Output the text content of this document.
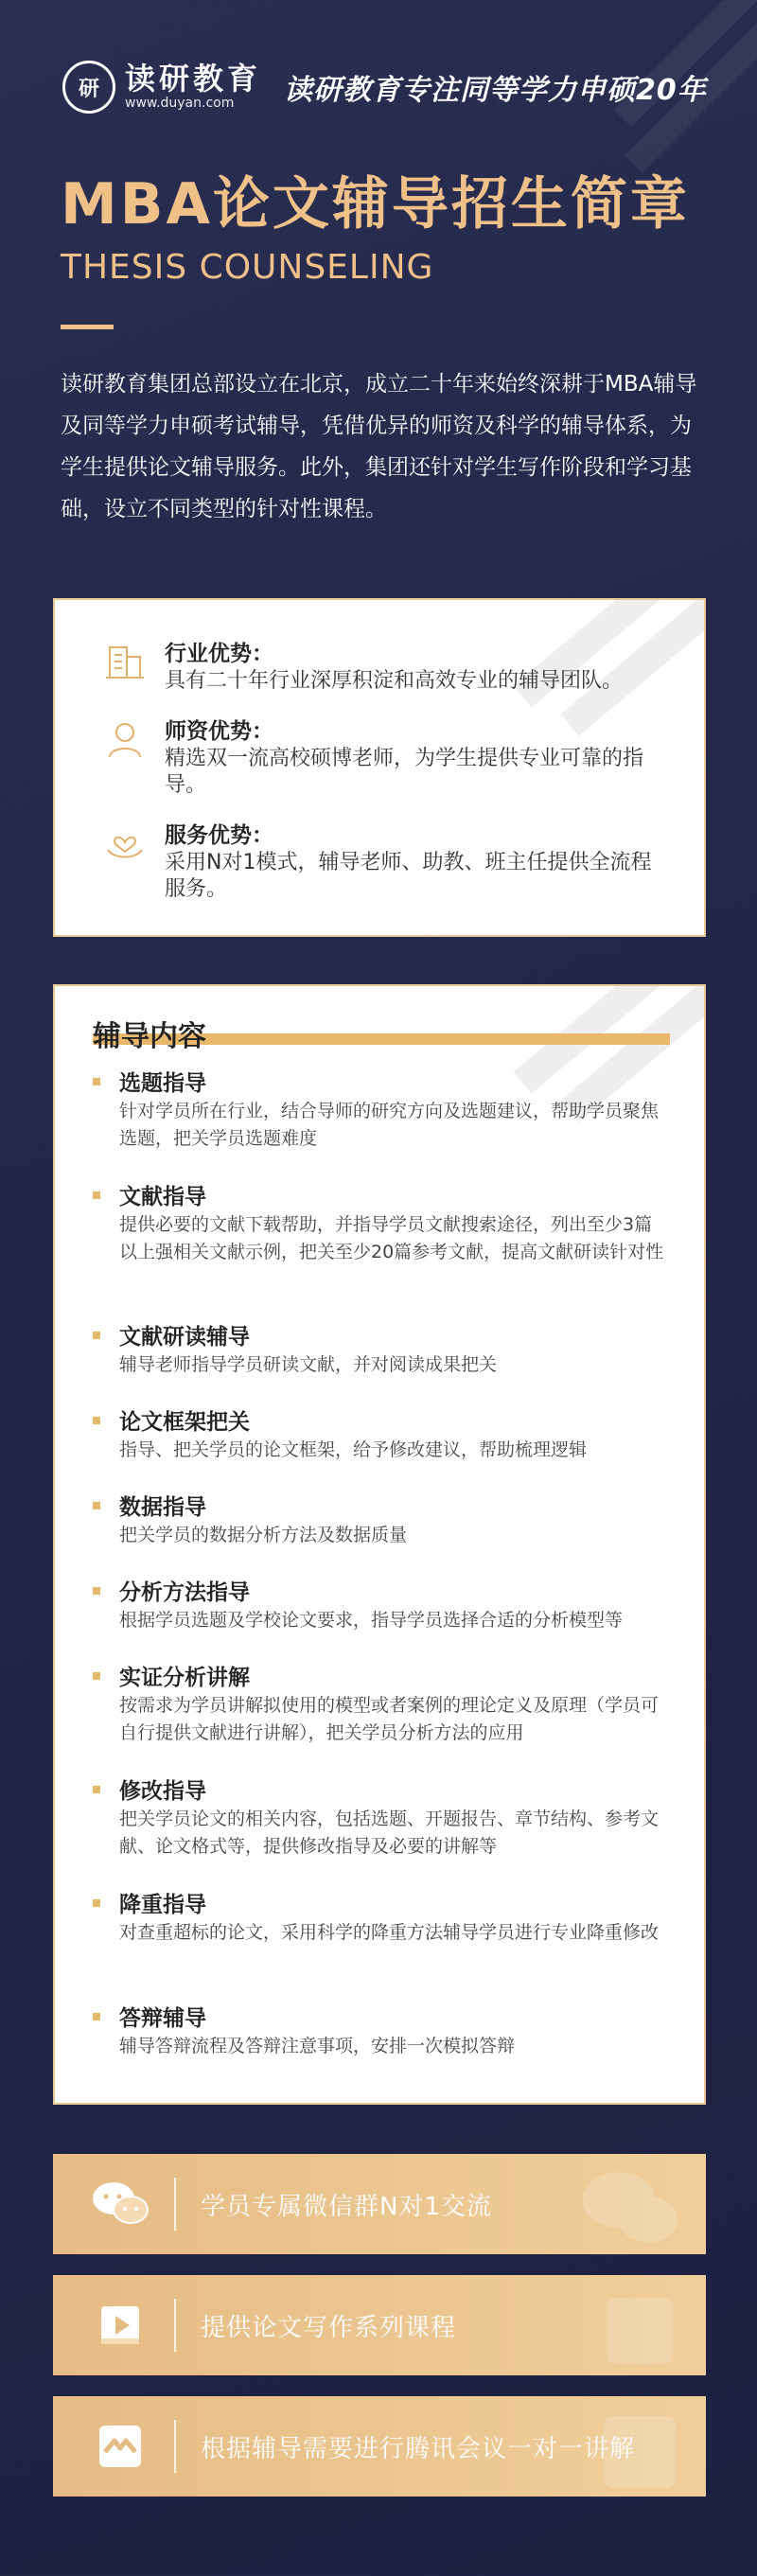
研 读研教育
www.duyan.com	读研教育专注同等学力申硕20年
MBA论文辅导招生简章
THESIS COUNSELING
读研教育集团总部设立在北京，成立二十年来始终深耕于MBA辅导及同等学力申硕考试辅导，凭借优异的师资及科学的辅导体系，为学生提供论文辅导服务。此外，集团还针对学生写作阶段和学习基础，设立不同类型的针对性课程。
行业优势：
具有二十年行业深厚积淀和高效专业的辅导团队。
师资优势：
精选双一流高校硕博老师，为学生提供专业可靠的指导。
服务优势：
采用N对1模式，辅导老师、助教、班主任提供全流程服务。
辅导内容
选题指导
针对学员所在行业，结合导师的研究方向及选题建议，帮助学员聚焦选题，把关学员选题难度
文献指导
提供必要的文献下载帮助，并指导学员文献搜索途径，列出至少3篇以上强相关文献示例，把关至少20篇参考文献，提高文献研读针对性
文献研读辅导
辅导老师指导学员研读文献，并对阅读成果把关
论文框架把关
指导、把关学员的论文框架，给予修改建议，帮助梳理逻辑
数据指导
把关学员的数据分析方法及数据质量
分析方法指导
根据学员选题及学校论文要求，指导学员选择合适的分析模型等
实证分析讲解
按需求为学员讲解拟使用的模型或者案例的理论定义及原理（学员可自行提供文献进行讲解），把关学员分析方法的应用
修改指导
把关学员论文的相关内容，包括选题、开题报告、章节结构、参考文献、论文格式等，提供修改指导及必要的讲解等
降重指导
对查重超标的论文，采用科学的降重方法辅导学员进行专业降重修改
答辩辅导
辅导答辩流程及答辩注意事项，安排一次模拟答辩
学员专属微信群N对1交流
提供论文写作系列课程
根据辅导需要进行腾讯会议一对一讲解
